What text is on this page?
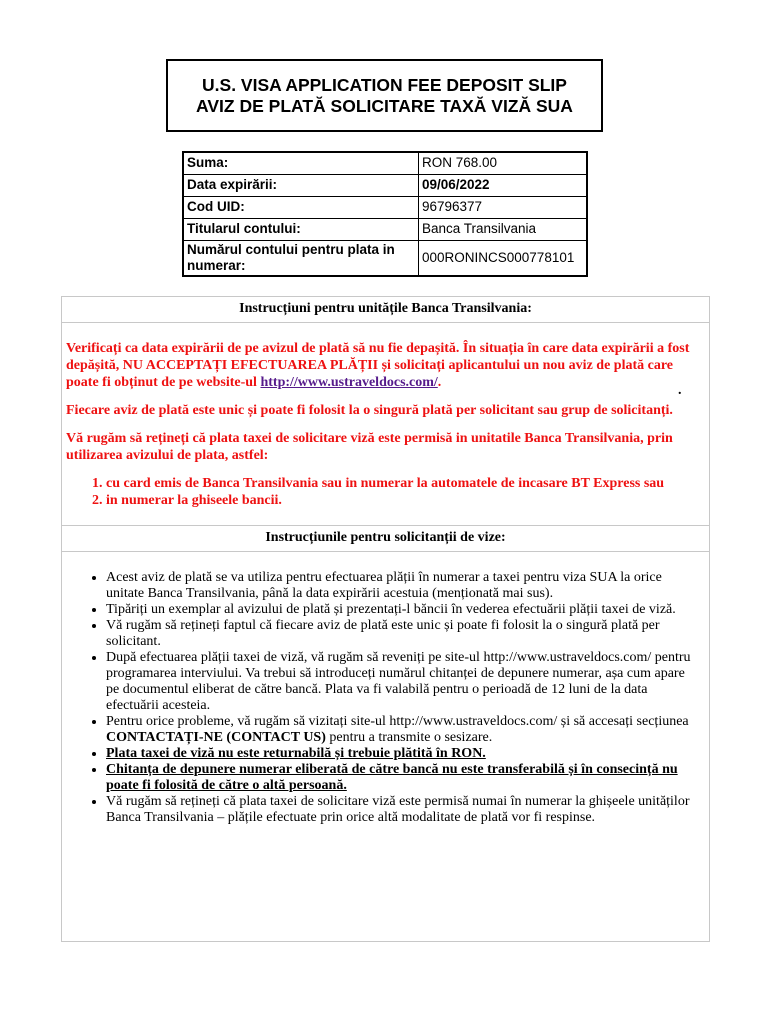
U.S. VISA APPLICATION FEE DEPOSIT SLIP
AVIZ DE PLATĂ SOLICITARE TAXĂ VIZĂ SUA
Suma:	RON 768.00
Data expirării:	09/06/2022
Cod UID:	96796377
Titularul contului:	Banca Transilvania
Numărul contului pentru plata in numerar:	000RONINCS000778101
Instrucțiuni pentru unitățile Banca Transilvania:
.

Verificați ca data expirării de pe avizul de plată să nu fie depașită. În situația în care data expirării a fost depășită, NU ACCEPTAȚI EFECTUAREA PLĂȚII și solicitați aplicantului un nou aviz de plată care poate fi obținut de pe website-ul http://www.ustraveldocs.com/.

Fiecare aviz de plată este unic și poate fi folosit la o singură plată per solicitant sau grup de solicitanți.

Vă rugăm să rețineți că plata taxei de solicitare viză este permisă in unitatile Banca Transilvania, prin utilizarea avizului de plata, astfel:

1. cu card emis de Banca Transilvania sau in numerar la automatele de incasare BT Express sau
2. in numerar la ghiseele bancii.
Instrucțiunile pentru solicitanții de vize:
• Acest aviz de plată se va utiliza pentru efectuarea plății în numerar a taxei pentru viza SUA la orice unitate Banca Transilvania, până la data expirării acestuia (menționată mai sus).
• Tipăriți un exemplar al avizului de plată și prezentați-l băncii în vederea efectuării plății taxei de viză.
• Vă rugăm să rețineți faptul că fiecare aviz de plată este unic și poate fi folosit la o singură plată per solicitant.
• După efectuarea plății taxei de viză, vă rugăm să reveniți pe site-ul http://www.ustraveldocs.com/ pentru programarea interviului. Va trebui să introduceți numărul chitanței de depunere numerar, așa cum apare pe documentul eliberat de către bancă. Plata va fi valabilă pentru o perioadă de 12 luni de la data efectuării acesteia.
• Pentru orice probleme, vă rugăm să vizitați site-ul http://www.ustraveldocs.com/ și să accesați secțiunea CONTACTAȚI-NE (CONTACT US) pentru a transmite o sesizare.
• Plata taxei de viză nu este returnabilă și trebuie plătită în RON.
• Chitanța de depunere numerar eliberată de către bancă nu este transferabilă și în consecință nu poate fi folosită de către o altă persoană.
• Vă rugăm să rețineți că plata taxei de solicitare viză este permisă numai în numerar la ghișeele unităților Banca Transilvania – plățile efectuate prin orice altă modalitate de plată vor fi respinse.
